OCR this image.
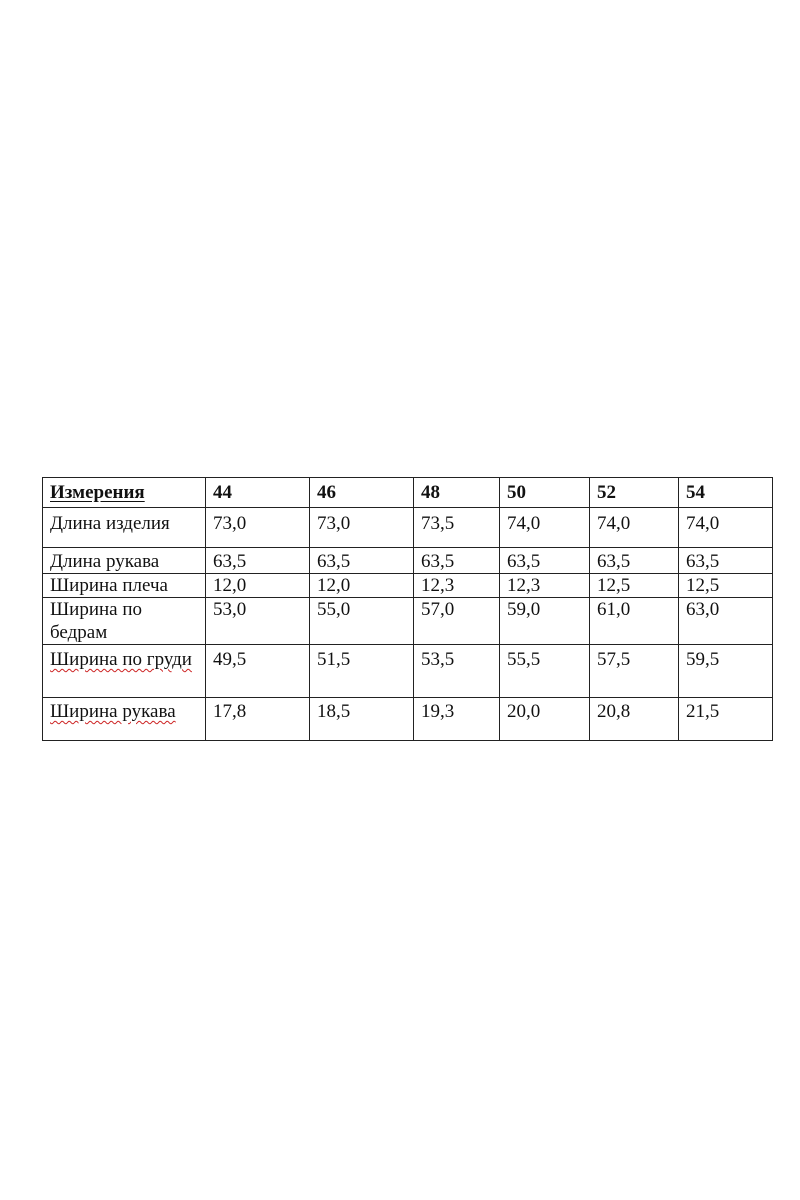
Измерения	44	46	48	50	52	54
Длина изделия	73,0	73,0	73,5	74,0	74,0	74,0
Длина рукава	63,5	63,5	63,5	63,5	63,5	63,5
Ширина плеча	12,0	12,0	12,3	12,3	12,5	12,5
Ширина по бедрам	53,0	55,0	57,0	59,0	61,0	63,0
Ширина по груди	49,5	51,5	53,5	55,5	57,5	59,5
Ширина рукава	17,8	18,5	19,3	20,0	20,8	21,5
